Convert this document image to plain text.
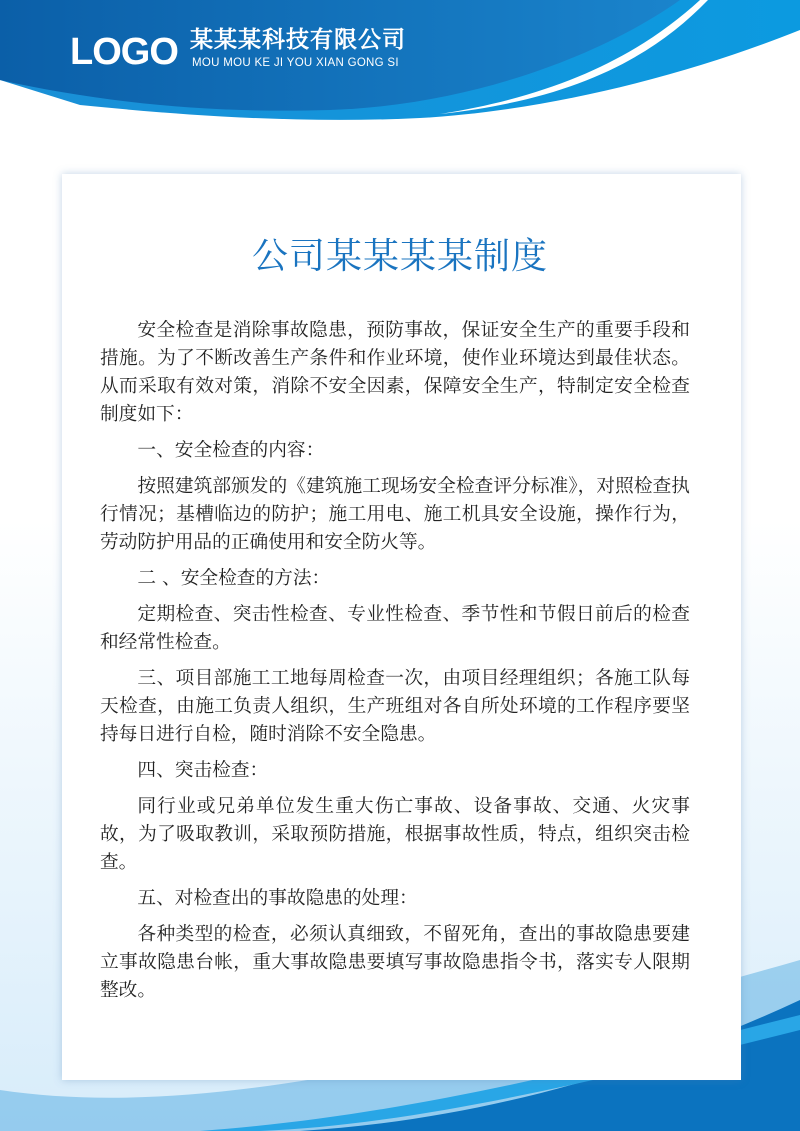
LOGO 某某某科技有限公司
MOU MOU KE JI YOU XIAN GONG SI
公司某某某某制度

安全检查是消除事故隐患，预防事故，保证安全生产的重要手段和措施。为了不断改善生产条件和作业环境，使作业环境达到最佳状态。从而采取有效对策，消除不安全因素，保障安全生产，特制定安全检查制度如下：

一、安全检查的内容：

按照建筑部颁发的《建筑施工现场安全检查评分标准》，对照检查执行情况；基槽临边的防护；施工用电、施工机具安全设施，操作行为，劳动防护用品的正确使用和安全防火等。

二 、安全检查的方法：

定期检查、突击性检查、专业性检查、季节性和节假日前后的检查和经常性检查。

三、项目部施工工地每周检查一次，由项目经理组织；各施工队每天检查，由施工负责人组织，生产班组对各自所处环境的工作程序要坚持每日进行自检，随时消除不安全隐患。

四、突击检查：

同行业或兄弟单位发生重大伤亡事故、设备事故、交通、火灾事故，为了吸取教训，采取预防措施，根据事故性质，特点，组织突击检查。

五、对检查出的事故隐患的处理：

各种类型的检查，必须认真细致，不留死角，查出的事故隐患要建立事故隐患台帐，重大事故隐患要填写事故隐患指令书，落实专人限期整改。
